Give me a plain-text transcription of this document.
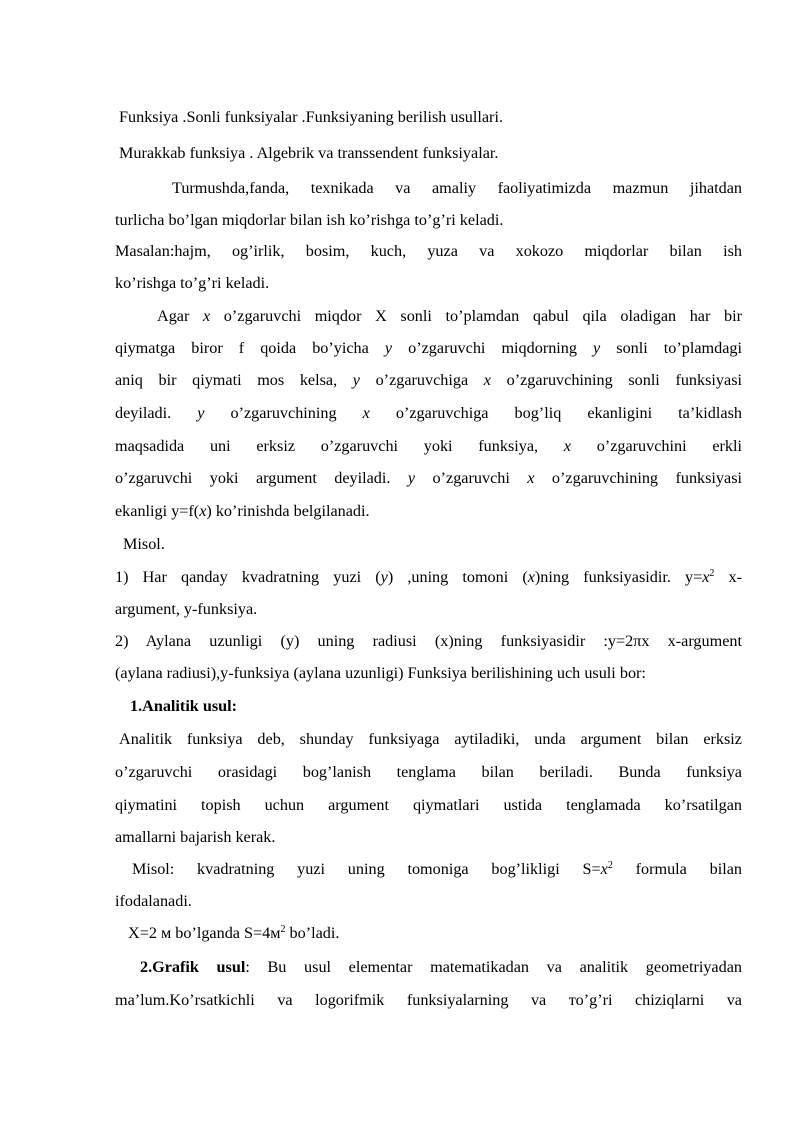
Funksiya .Sonli funksiyalar .Funksiyaning berilish usullari.
Murakkab funksiya . Algebrik va transsendent funksiyalar.
Turmushda,fanda, texnikada va amaliy faoliyatimizda mazmun jihatdan
turlicha bo’lgan miqdorlar bilan ish ko’rishga to’g’ri keladi.
Masalan:hajm, og’irlik, bosim, kuch, yuza va xokozo miqdorlar bilan ish
ko’rishga to’g’ri keladi.
Agar x o’zgaruvchi miqdor X sonli to’plamdan qabul qila oladigan har bir
qiymatga biror f qoida bo’yicha y o’zgaruvchi miqdorning y sonli to’plamdagi
aniq bir qiymati mos kelsa, y o’zgaruvchiga x o’zgaruvchining sonli funksiyasi
deyiladi. y o’zgaruvchining x o’zgaruvchiga bog’liq ekanligini ta’kidlash
maqsadida uni erksiz o’zgaruvchi yoki funksiya, x o’zgaruvchini erkli
o’zgaruvchi yoki argument deyiladi. y o’zgaruvchi x o’zgaruvchining funksiyasi
ekanligi y=f(x) ko’rinishda belgilanadi.
Misol.
1) Har qanday kvadratning yuzi (y) ,uning tomoni (x)ning funksiyasidir. $y=x^2$ x-
argument, y-funksiya.
2) Aylana uzunligi (y) uning radiusi (x)ning funksiyasidir :y=2πx x-argument
(aylana radiusi),y-funksiya (aylana uzunligi) Funksiya berilishining uch usuli bor:
1.Analitik usul:
Analitik funksiya deb, shunday funksiyaga aytiladiki, unda argument bilan erksiz
o’zgaruvchi orasidagi bog’lanish tenglama bilan beriladi. Bunda funksiya
qiymatini topish uchun argument qiymatlari ustida tenglamada ko’rsatilgan
amallarni bajarish kerak.
Misol: kvadratning yuzi uning tomoniga bog’likligi $S=x^2$ formula bilan
ifodalanadi.
X=2 м bo’lganda $S=4м^2$ bo’ladi.
2.Grafik usul: Bu usul elementar matematikadan va analitik geometriyadan
ma’lum.Ko’rsatkichli va logorifmik funksiyalarning va то’g’ri chiziqlarni va
